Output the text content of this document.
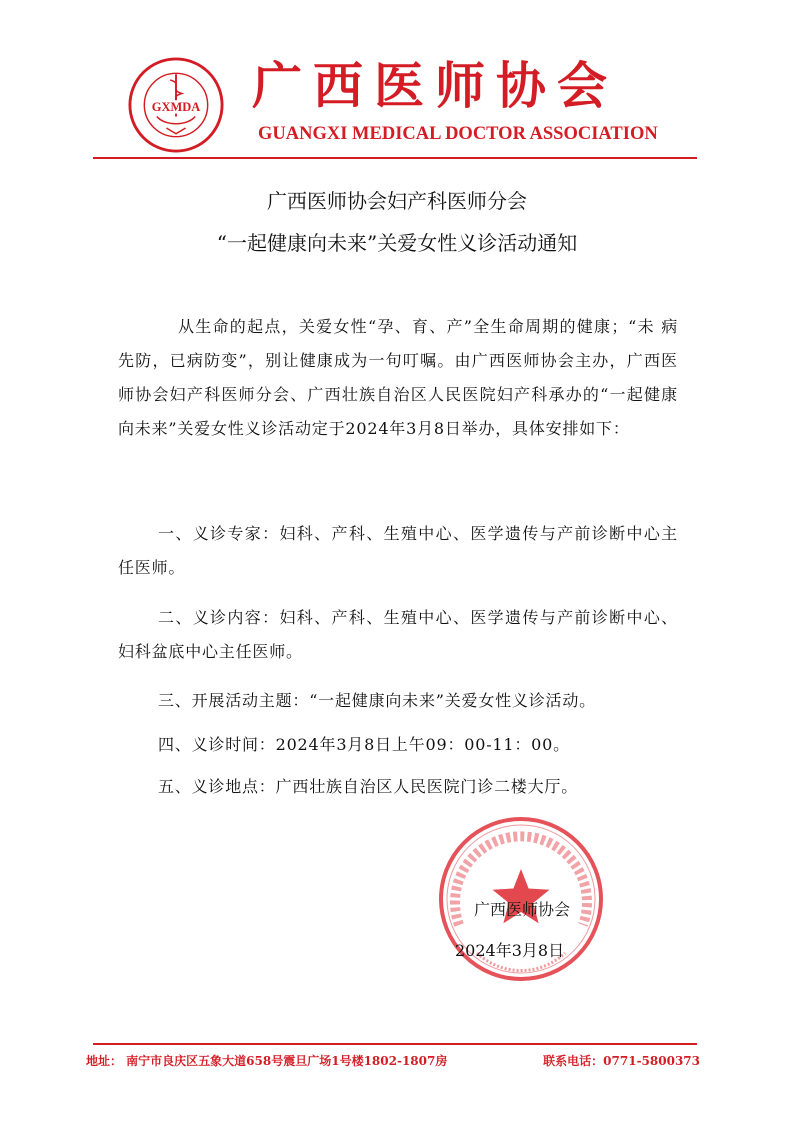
GXMDA 广西医师协会
GUANGXI MEDICAL DOCTOR ASSOCIATION
广西医师协会妇产科医师分会
“一起健康向未来”关爱女性义诊活动通知
从生命的起点，关爱女性“孕、育、产”全生命周期的健康；“未 病先防，已病防变”，别让健康成为一句叮嘱。由广西医师协会主办，广西医师协会妇产科医师分会、广西壮族自治区人民医院妇产科承办的“一起健康向未来”关爱女性义诊活动定于2024年3月8日举办，具体安排如下：
一、义诊专家：妇科、产科、生殖中心、医学遗传与产前诊断中心主任医师。
二、义诊内容：妇科、产科、生殖中心、医学遗传与产前诊断中心、妇科盆底中心主任医师。
三、开展活动主题：“一起健康向未来”关爱女性义诊活动。
四、义诊时间：2024年3月8日上午09：00-11：00。
五、义诊地点：广西壮族自治区人民医院门诊二楼大厅。
广西医师协会
2024年3月8日
地址： 南宁市良庆区五象大道658号震旦广场1号楼1802-1807房	联系电话：0771-5800373
